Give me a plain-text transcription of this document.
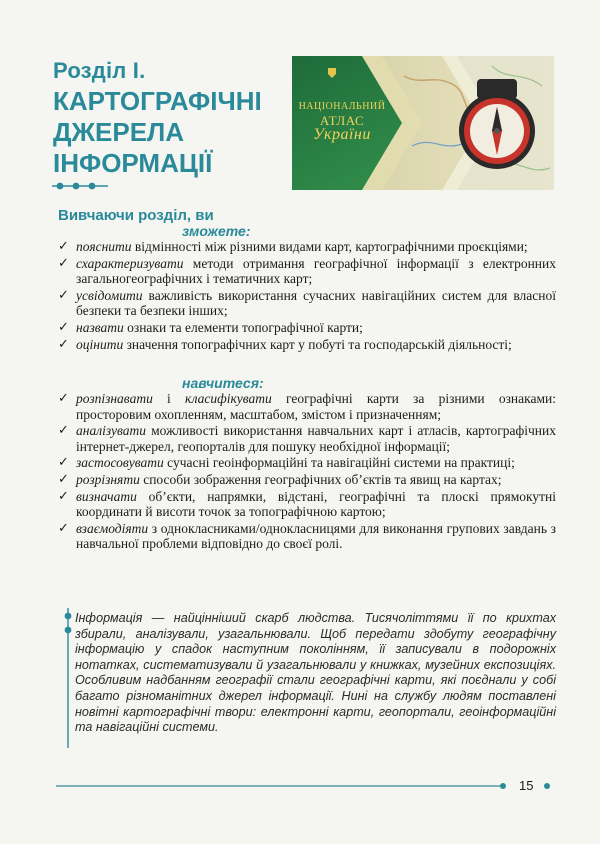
Розділ I.
КАРТОГРАФІЧНІ
ДЖЕРЕЛА
ІНФОРМАЦІЇ
НАЦІОНАЛЬНИЙ
АТЛАС
України
Вивчаючи розділ, ви
зможете:
✓ пояснити відмінності між різними видами карт, картографічними проєкціями;
✓ схарактеризувати методи отримання географічної інформації з електронних загальногеографічних і тематичних карт;
✓ усвідомити важливість використання сучасних навігаційних систем для власної безпеки та безпеки інших;
✓ назвати ознаки та елементи топографічної карти;
✓ оцінити значення топографічних карт у побуті та господарській діяльності;
навчитеся:
✓ розпізнавати і класифікувати географічні карти за різними ознаками: просторовим охопленням, масштабом, змістом і призначенням;
✓ аналізувати можливості використання навчальних карт і атласів, картографічних інтернет-джерел, геопорталів для пошуку необхідної інформації;
✓ застосовувати сучасні геоінформаційні та навігаційні системи на практиці;
✓ розрізняти способи зображення географічних об’єктів та явищ на картах;
✓ визначати об’єкти, напрямки, відстані, географічні та плоскі прямокутні координати й висоти точок за топографічною картою;
✓ взаємодіяти з однокласниками/однокласницями для виконання групових завдань з навчальної проблеми відповідно до своєї ролі.

Інформація — найцінніший скарб людства. Тисячоліттями її по крихтах збирали, аналізували, узагальнювали. Щоб передати здобуту географічну інформацію у спадок наступним поколінням, її записували в подорожніх нотатках, систематизували й узагальнювали у книжках, музейних експозиціях. Особливим надбанням географії стали географічні карти, які поєднали у собі багато різноманітних джерел інформації. Нині на службу людям поставлені новітні картографічні твори: електронні карти, геопортали, геоінформаційні та навігаційні системи.

15
